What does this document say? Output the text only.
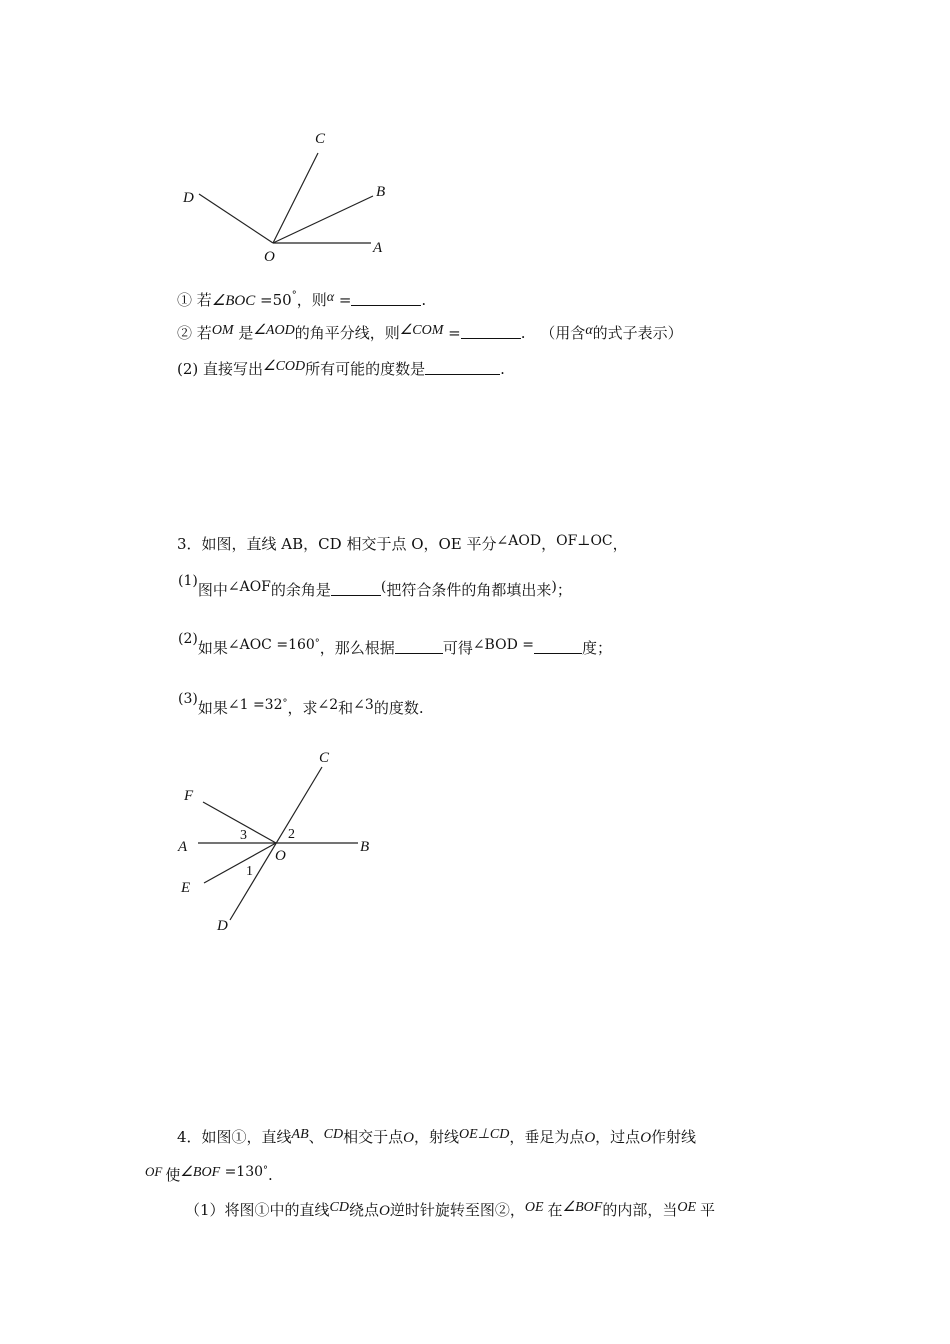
C
D	B
O
A
① 若∠BOC =50°，则α =	.
② 若OM 是∠AOD的角平分线，则∠COM =	. （用含α的式子表示）
(2) 直接写出∠COD所有可能的度数是	.
3．如图，直线 AB，CD 相交于点 O，OE 平分∠AOD，OF⊥OC，
(1)图中∠AOF的余角是	(把符合条件的角都填出来)；
(2)如果∠AOC =160°，那么根据	可得∠BOD =	度；
(3)如果∠1 =32°，求∠2和∠3的度数.
C
F
A	B
O
E
D
3	2
1
4．如图①，直线AB、CD相交于点O，射线OE⊥CD，垂足为点O，过点O作射线
OF 使∠BOF =130°.
（1）将图①中的直线CD绕点O逆时针旋转至图②，OE 在∠BOF的内部，当OE 平
